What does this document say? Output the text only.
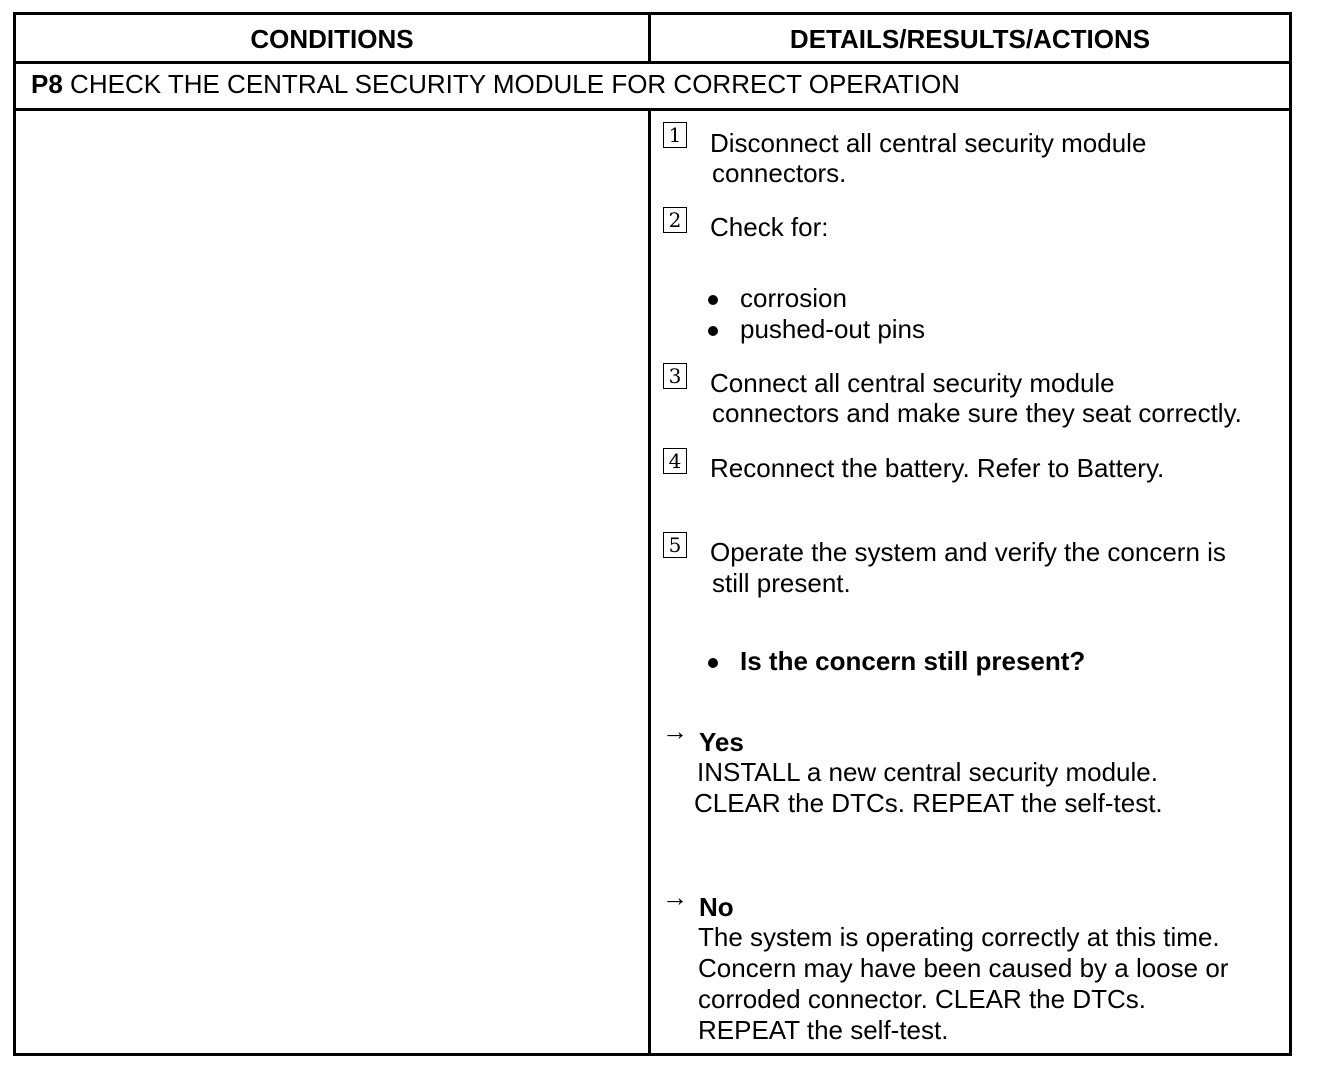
CONDITIONS	DETAILS/RESULTS/ACTIONS
P8 CHECK THE CENTRAL SECURITY MODULE FOR CORRECT OPERATION
1 Disconnect all central security module
connectors.
2 Check for:
corrosion
pushed-out pins
3 Connect all central security module
connectors and make sure they seat correctly.
4 Reconnect the battery. Refer to Battery.
5 Operate the system and verify the concern is
still present.
Is the concern still present?
→ Yes
INSTALL a new central security module.
CLEAR the DTCs. REPEAT the self-test.
→ No
The system is operating correctly at this time.
Concern may have been caused by a loose or
corroded connector. CLEAR the DTCs.
REPEAT the self-test.
